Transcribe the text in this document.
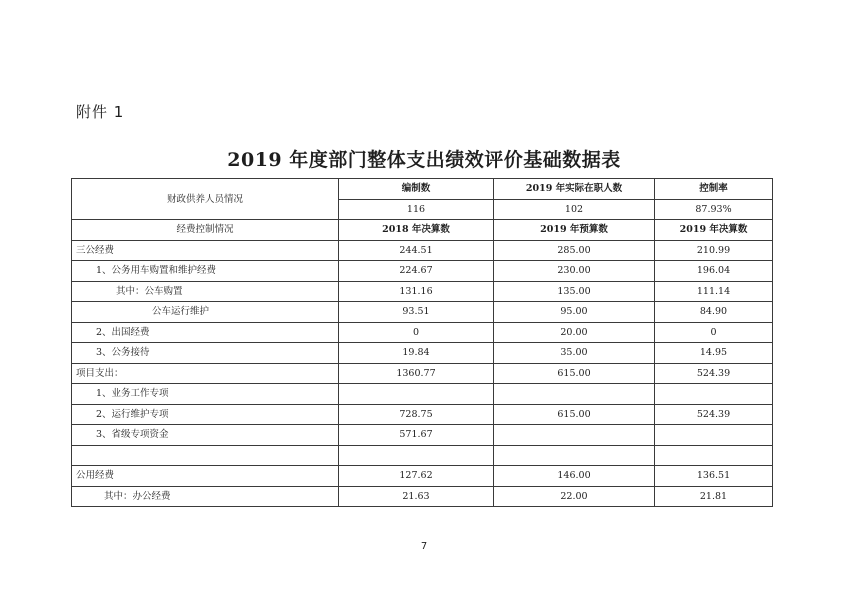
附件 1
2019 年度部门整体支出绩效评价基础数据表
财政供养人员情况	编制数	2019 年实际在职人数	控制率
	116	102	87.93%
经费控制情况	2018 年决算数	2019 年预算数	2019 年决算数
三公经费	244.51	285.00	210.99
1、公务用车购置和维护经费	224.67	230.00	196.04
其中：公车购置	131.16	135.00	111.14
公车运行维护	93.51	95.00	84.90
2、出国经费	0	20.00	0
3、公务接待	19.84	35.00	14.95
项目支出：	1360.77	615.00	524.39
1、业务工作专项			
2、运行维护专项	728.75	615.00	524.39
3、省级专项资金	571.67		

公用经费	127.62	146.00	136.51
其中：办公经费	21.63	22.00	21.81
7
